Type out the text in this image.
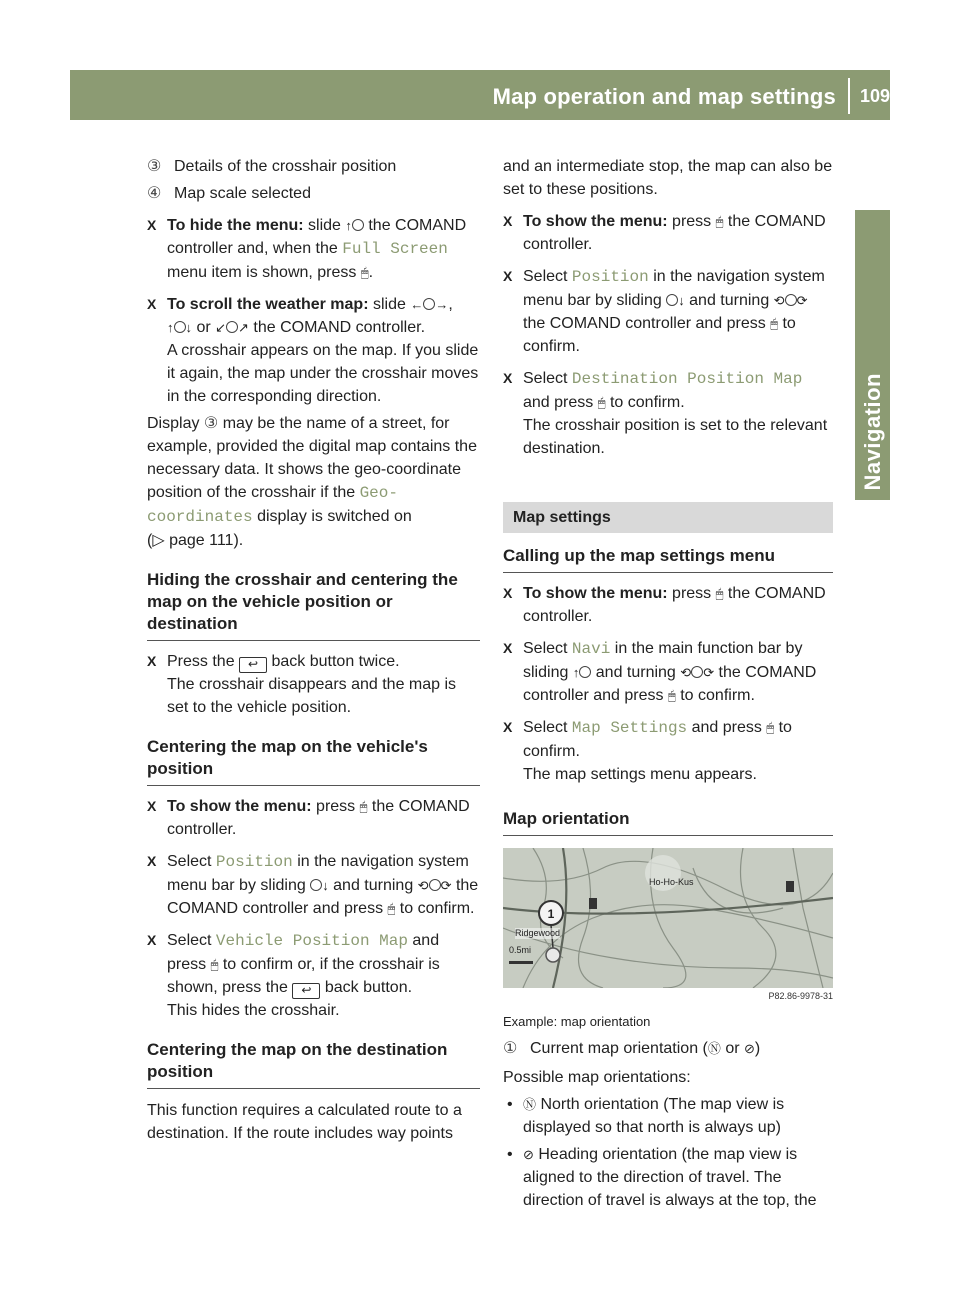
Map operation and map settings	109
Navigation
③ Details of the crosshair position
④ Map scale selected
X To hide the menu: slide ↑ the COMAND controller and, when the Full Screen menu item is shown, press 🖱.
X To scroll the weather map: slide ← →, ↑ ↓ or ↙ ↗ the COMAND controller.
A crosshair appears on the map. If you slide it again, the map under the crosshair moves in the corresponding direction.

Display ③ may be the name of a street, for example, provided the digital map contains the necessary data. It shows the geo-coordinate position of the crosshair if the Geo-coordinates display is switched on
(▷ page 111).

Hiding the crosshair and centering the map on the vehicle position or destination
X Press the ↩ back button twice.
The crosshair disappears and the map is set to the vehicle position.
Centering the map on the vehicle's position
X To show the menu: press 🖱 the COMAND controller.
X Select Position in the navigation system menu bar by sliding ↓ and turning ⟲ ⟳ the COMAND controller and press 🖱 to confirm.
X Select Vehicle Position Map and press 🖱 to confirm or, if the crosshair is shown, press the ↩ back button.
This hides the crosshair.
Centering the map on the destination position

This function requires a calculated route to a destination. If the route includes way points

and an intermediate stop, the map can also be set to these positions.

X To show the menu: press 🖱 the COMAND controller.
X Select Position in the navigation system menu bar by sliding ↓ and turning ⟲ ⟳ the COMAND controller and press 🖱 to confirm.
X Select Destination Position Map and press 🖱 to confirm.
The crosshair position is set to the relevant destination.
Map settings
Calling up the map settings menu
X To show the menu: press 🖱 the COMAND controller.
X Select Navi in the main function bar by sliding ↑ and turning ⟲ ⟳ the COMAND controller and press 🖱 to confirm.
X Select Map Settings and press 🖱 to confirm.
The map settings menu appears.
Map orientation
1
Ridgewood
Ho-Ho-Kus
0.5mi
P82.86-9978-31
Example: map orientation
① Current map orientation (Ⓝ or ⊘)

Possible map orientations:

• Ⓝ North orientation (The map view is displayed so that north is always up)
• ⊘ Heading orientation (the map view is aligned to the direction of travel. The direction of travel is always at the top, the
